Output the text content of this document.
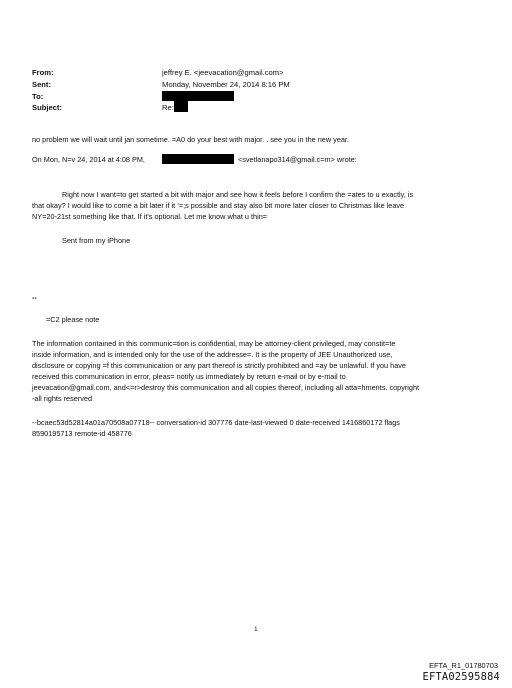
From:
Sent:
To:
Subject:
jeffrey E. <jeevacation@gmail.com>
Monday, November 24, 2014 8:16 PM
Re:
no problem we will wait until jan sometime. =A0 do your best with major. . see you in the new year.
On Mon, N=v 24, 2014 at 4:08 PM,	<svetlanapo314@gmail.c=m> wrote:
Right now I want=to get started a bit with major and see how it feels before I confirm the =ates to u exactly, is
that okay? I would like to come a bit later if it ’=;s possible and stay also bit more later closer to Christmas like leave
NY=20-21st something like that. If it's optional. Let me know what u thin=
Sent from my iPhone
--
=C2 please note
The information contained in this communic=tion is confidential, may be attorney-client privileged, may constit=te
inside information, and is intended only for the use of the addresse=. It is the property of JEE Unauthorized use,
disclosure or copying =f this communication or any part thereof is strictly prohibited and =ay be unlawful. If you have
received this communication in error, pleas= notify us immediately by return e-mail or by e-mail to
jeevacation@gmail.com, and<=r>destroy this communication and all copies thereof, including all atta=hments. copyright
-all rights reserved
--bcaec53d52814a01a70508a07718-- conversation-id 307776 date-last-viewed 0 date-received 1416860172 flags
8590195713 remote-id 458776
1
EFTA_R1_01780703
EFTA02595884
